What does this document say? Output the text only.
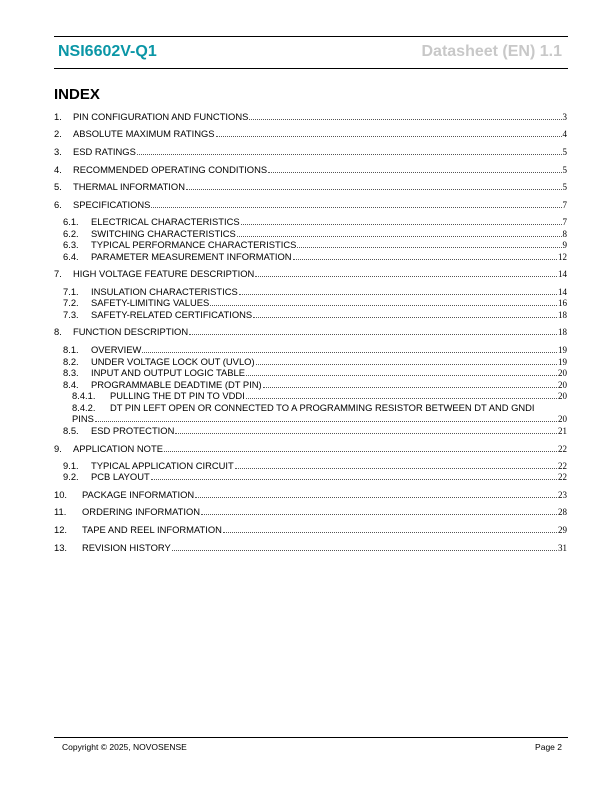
NSI6602V-Q1	Datasheet (EN) 1.1
INDEX
1.	PIN CONFIGURATION AND FUNCTIONS	3
2.	ABSOLUTE MAXIMUM RATINGS	4
3.	ESD RATINGS	5
4.	RECOMMENDED OPERATING CONDITIONS	5
5.	THERMAL INFORMATION	5
6.	SPECIFICATIONS	7
6.1.	ELECTRICAL CHARACTERISTICS	7
6.2.	SWITCHING CHARACTERISTICS	8
6.3.	TYPICAL PERFORMANCE CHARACTERISTICS	9
6.4.	PARAMETER MEASUREMENT INFORMATION	12
7.	HIGH VOLTAGE FEATURE DESCRIPTION	14
7.1.	INSULATION CHARACTERISTICS	14
7.2.	SAFETY-LIMITING VALUES	16
7.3.	SAFETY-RELATED CERTIFICATIONS	18
8.	FUNCTION DESCRIPTION	18
8.1.	OVERVIEW	19
8.2.	UNDER VOLTAGE LOCK OUT (UVLO)	19
8.3.	INPUT AND OUTPUT LOGIC TABLE	20
8.4.	PROGRAMMABLE DEADTIME (DT PIN)	20
8.4.1.	PULLING THE DT PIN TO VDDI	20
8.4.2. DT PIN LEFT OPEN OR CONNECTED TO A PROGRAMMING RESISTOR BETWEEN DT AND GNDI
PINS	20
8.5.	ESD PROTECTION	21
9.	APPLICATION NOTE	22
9.1.	TYPICAL APPLICATION CIRCUIT	22
9.2.	PCB LAYOUT	22
10.	PACKAGE INFORMATION	23
11.	ORDERING INFORMATION	28
12.	TAPE AND REEL INFORMATION	29
13.	REVISION HISTORY	31
Copyright © 2025, NOVOSENSE	Page 2
